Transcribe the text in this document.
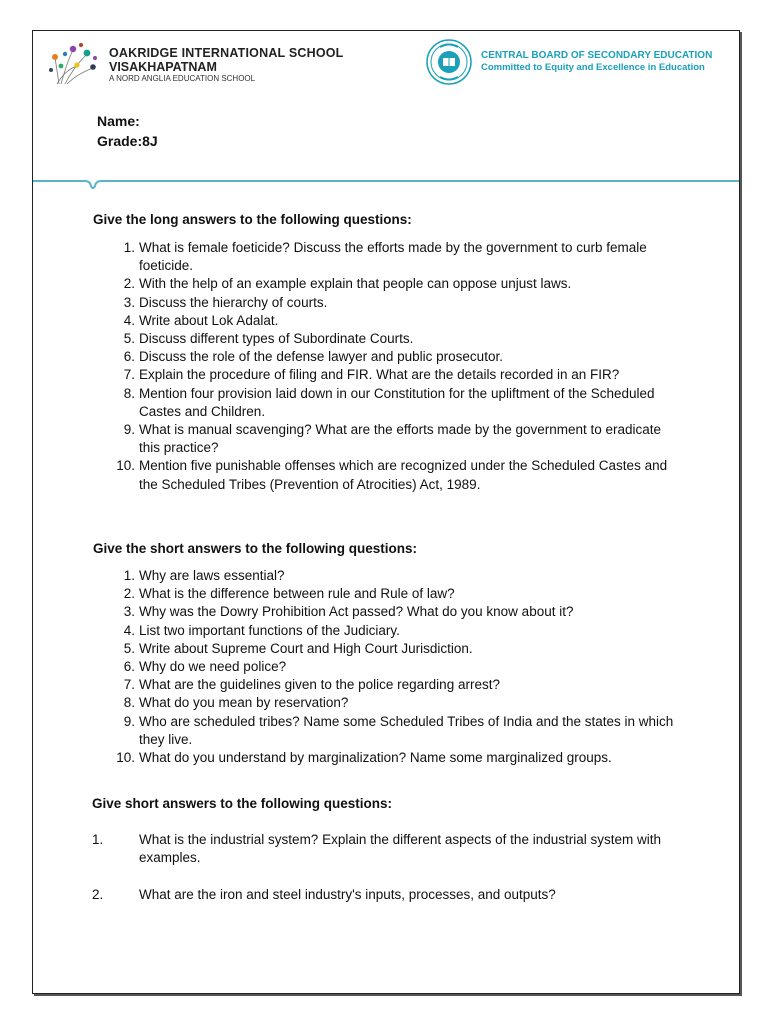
OAKRIDGE INTERNATIONAL SCHOOL
VISAKHAPATNAM
A NORD ANGLIA EDUCATION SCHOOL
CENTRAL BOARD OF SECONDARY EDUCATION
Committed to Equity and Excellence in Education
Name:
Grade:8J
Give the long answers to the following questions:
1. What is female foeticide? Discuss the efforts made by the government to curb female foeticide.
2. With the help of an example explain that people can oppose unjust laws.
3. Discuss the hierarchy of courts.
4. Write about Lok Adalat.
5. Discuss different types of Subordinate Courts.
6. Discuss the role of the defense lawyer and public prosecutor.
7. Explain the procedure of filing and FIR. What are the details recorded in an FIR?
8. Mention four provision laid down in our Constitution for the upliftment of the Scheduled Castes and Children.
9. What is manual scavenging? What are the efforts made by the government to eradicate this practice?
10. Mention five punishable offenses which are recognized under the Scheduled Castes and the Scheduled Tribes (Prevention of Atrocities) Act, 1989.
Give the short answers to the following questions:
1. Why are laws essential?
2. What is the difference between rule and Rule of law?
3. Why was the Dowry Prohibition Act passed? What do you know about it?
4. List two important functions of the Judiciary.
5. Write about Supreme Court and High Court Jurisdiction.
6. Why do we need police?
7. What are the guidelines given to the police regarding arrest?
8. What do you mean by reservation?
9. Who are scheduled tribes? Name some Scheduled Tribes of India and the states in which they live.
10. What do you understand by marginalization? Name some marginalized groups.
Give short answers to the following questions:
1.	What is the industrial system? Explain the different aspects of the industrial system with examples.
2.	What are the iron and steel industry's inputs, processes, and outputs?
